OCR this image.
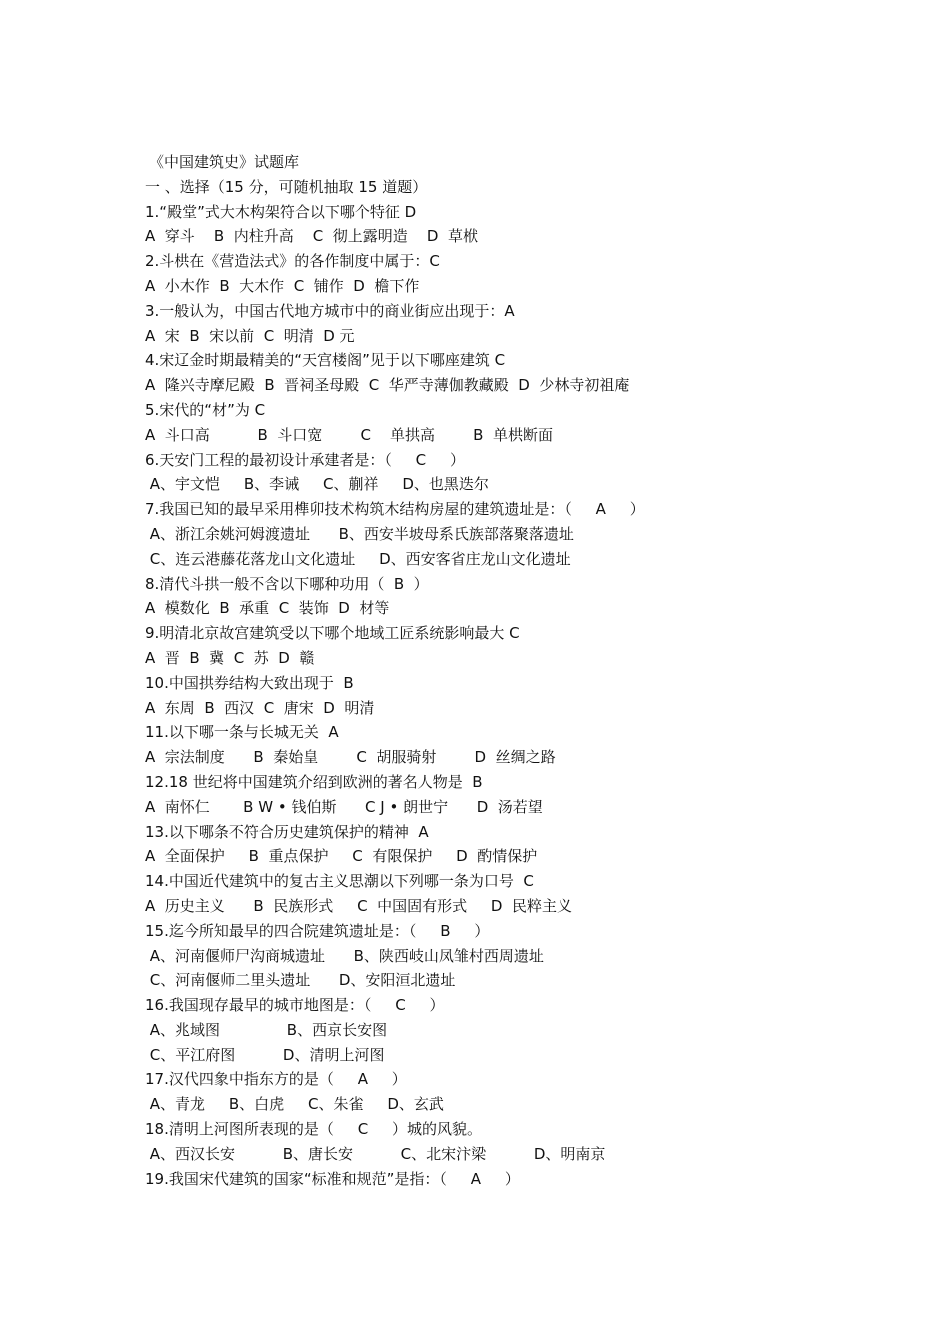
《中国建筑史》试题库
一 、选择（15 分，可随机抽取 15 道题）
1.“殿堂”式大木构架符合以下哪个特征 D
A  穿斗    B  内柱升高    C  彻上露明造    D  草栿
2.斗栱在《营造法式》的各作制度中属于：C
A  小木作  B  大木作  C  铺作  D  檐下作
3.一般认为，中国古代地方城市中的商业街应出现于：A
A  宋  B  宋以前  C  明清  D 元
4.宋辽金时期最精美的“天宫楼阁”见于以下哪座建筑 C
A  隆兴寺摩尼殿  B  晋祠圣母殿  C  华严寺薄伽教藏殿  D  少林寺初祖庵
5.宋代的“材”为 C
A  斗口高          B  斗口宽        C    单拱高        B  单栱断面
6.天安门工程的最初设计承建者是：（     C     ）
A、宇文恺     B、李诫     C、蒯祥     D、也黑迭尔
7.我国已知的最早采用榫卯技术构筑木结构房屋的建筑遗址是：（     A     ）
A、浙江余姚河姆渡遗址      B、西安半坡母系氏族部落聚落遗址
C、连云港藤花落龙山文化遗址     D、西安客省庄龙山文化遗址
8.清代斗拱一般不含以下哪种功用（  B  ）
A  模数化  B  承重  C  装饰  D  材等
9.明清北京故宫建筑受以下哪个地域工匠系统影响最大 C
A  晋  B  冀  C  苏  D  赣
10.中国拱券结构大致出现于  B
A  东周  B  西汉  C  唐宋  D  明清
11.以下哪一条与长城无关  A
A  宗法制度      B  秦始皇        C  胡服骑射        D  丝绸之路
12.18 世纪将中国建筑介绍到欧洲的著名人物是  B
A  南怀仁       B W • 钱伯斯      C J • 朗世宁      D  汤若望
13.以下哪条不符合历史建筑保护的精神  A
A  全面保护     B  重点保护     C  有限保护     D  酌情保护
14.中国近代建筑中的复古主义思潮以下列哪一条为口号  C
A  历史主义      B  民族形式     C  中国固有形式     D  民粹主义
15.迄今所知最早的四合院建筑遗址是：（     B     ）
A、河南偃师尸沟商城遗址      B、陕西岐山凤雏村西周遗址
C、河南偃师二里头遗址      D、安阳洹北遗址
16.我国现存最早的城市地图是：（     C     ）
A、兆域图              B、西京长安图
C、平江府图          D、清明上河图
17.汉代四象中指东方的是（     A     ）
A、青龙     B、白虎     C、朱雀     D、玄武
18.清明上河图所表现的是（     C     ）城的风貌。
A、西汉长安          B、唐长安          C、北宋汴梁          D、明南京
19.我国宋代建筑的国家“标准和规范”是指：（     A     ）
